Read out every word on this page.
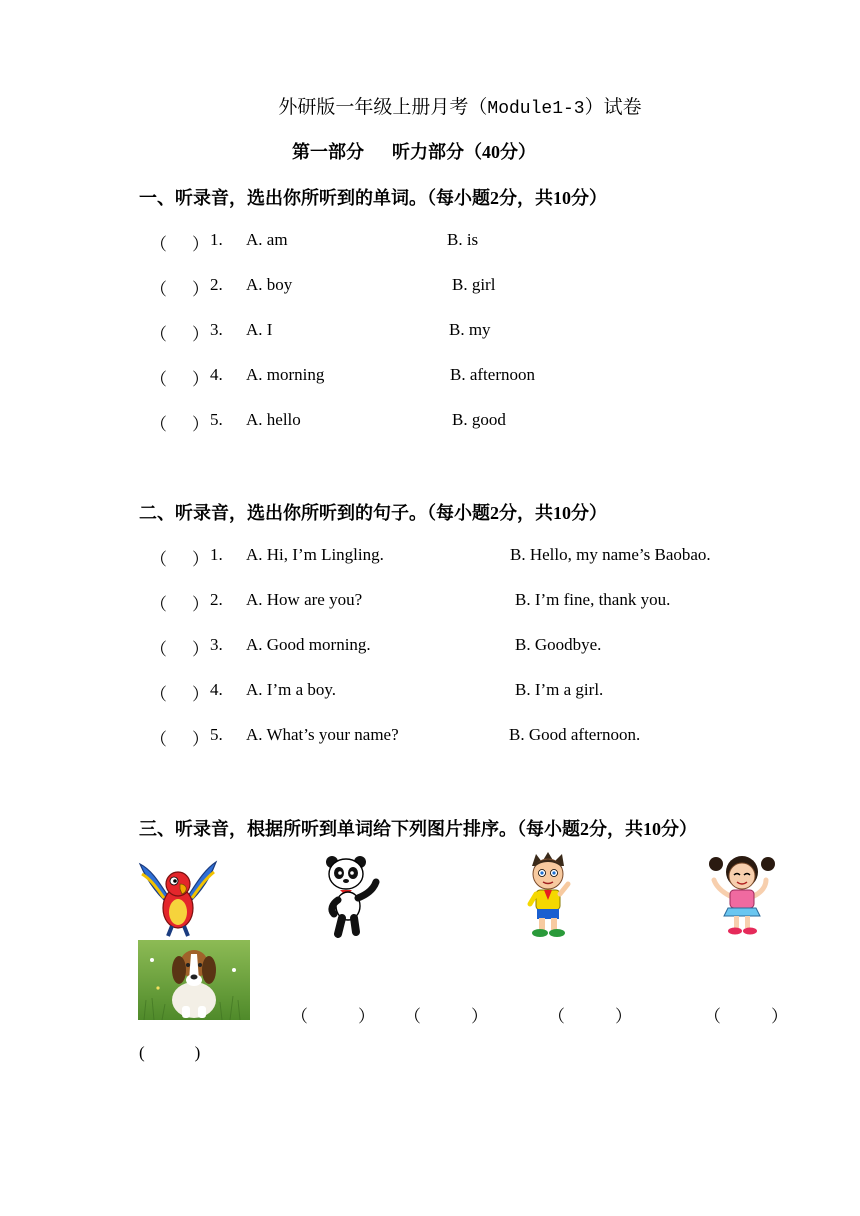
外研版一年级上册月考（Module1-3）试卷
第一部分 听力部分（40分）
一、听录音，选出你所听到的单词。（每小题2分，共10分）
（ ） 1. A. am	B. is
（ ） 2. A. boy	B. girl
（ ） 3. A. I	B. my
（ ） 4. A. morning	B. afternoon
（ ） 5. A. hello	B. good
二、听录音，选出你所听到的句子。（每小题2分，共10分）
（ ） 1. A. Hi, I’m Lingling.	B. Hello, my name’s Baobao.
（ ） 2. A. How are you?	B. I’m fine, thank you.
（ ） 3. A. Good morning.	B. Goodbye.
（ ） 4. A. I’m a boy.	B. I’m a girl.
（ ） 5. A. What’s your name?	B. Good afternoon.
三、听录音，根据所听到单词给下列图片排序。（每小题2分，共10分）
（	） （	）	（	）	（	）
(	)
